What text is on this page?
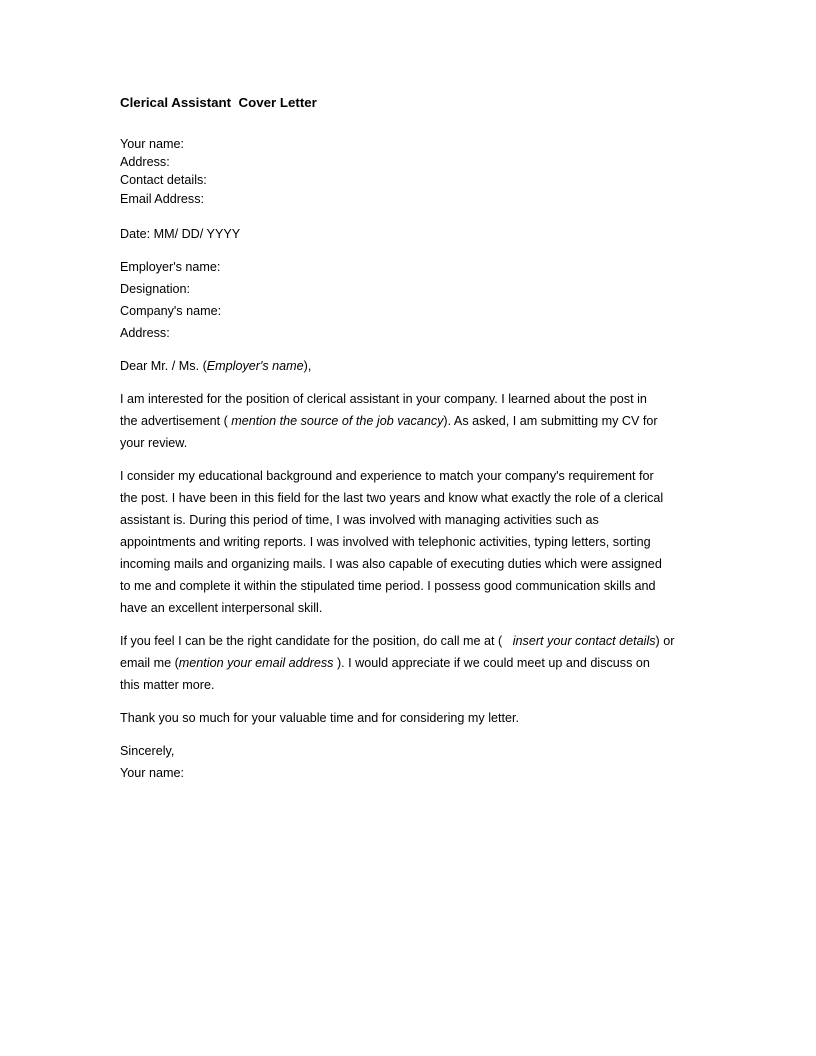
Clerical Assistant  Cover Letter
Your name:
Address:
Contact details:
Email Address:
Date: MM/ DD/ YYYY
Employer's name:
Designation:
Company's name:
Address:
Dear Mr. / Ms. (Employer's name),
I am interested for the position of clerical assistant in your company. I learned about the post in
the advertisement ( mention the source of the job vacancy). As asked, I am submitting my CV for
your review.
I consider my educational background and experience to match your company's requirement for
the post. I have been in this field for the last two years and know what exactly the role of a clerical
assistant is. During this period of time, I was involved with managing activities such as
appointments and writing reports. I was involved with telephonic activities, typing letters, sorting
incoming mails and organizing mails. I was also capable of executing duties which were assigned
to me and complete it within the stipulated time period. I possess good communication skills and
have an excellent interpersonal skill.
If you feel I can be the right candidate for the position, do call me at (   insert your contact details) or
email me (mention your email address ). I would appreciate if we could meet up and discuss on
this matter more.
Thank you so much for your valuable time and for considering my letter.
Sincerely,
Your name:
